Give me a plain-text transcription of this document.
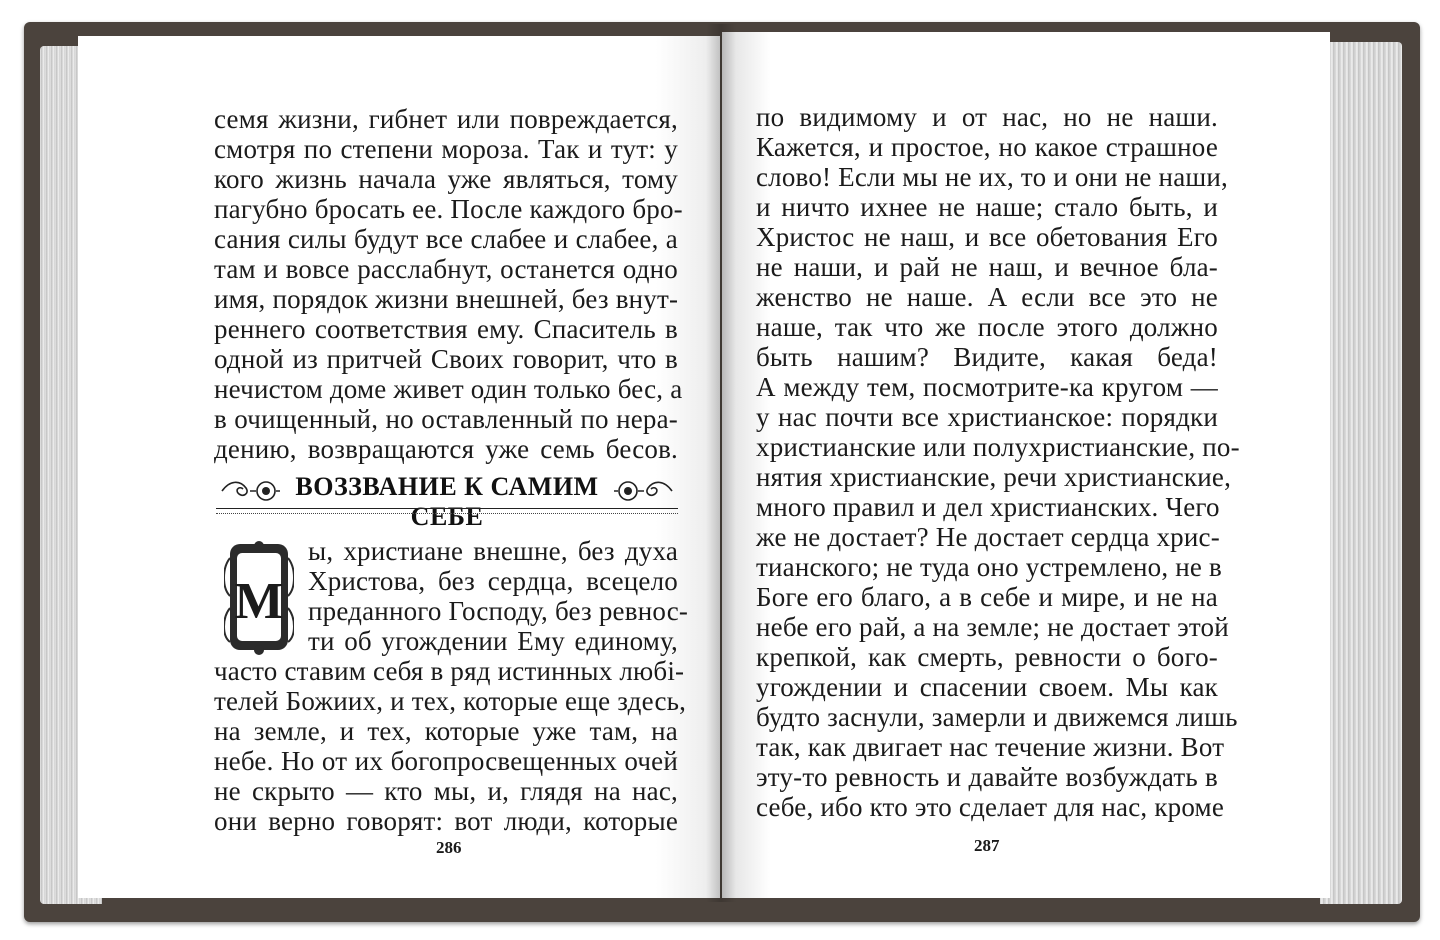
семя жизни, гибнет или повреждается,
смотря по степени мороза. Так и тут: у
кого жизнь начала уже являться, тому
пагубно бросать ее. После каждого бро-
сания силы будут все слабее и слабее, а
там и вовсе расслабнут, останется одно
имя, порядок жизни внешней, без внут-
реннего соответствия ему. Спаситель в
одной из притчей Своих говорит, что в
нечистом доме живет один только бес, а
в очищенный, но оставленный по нера-
дению, возвращаются уже семь бесов.
ВОЗЗВАНИЕ К САМИМ СЕБЕ
М
ы, христиане внешне, без духа
Христова, без сердца, всецело
преданного Господу, без ревнос-
ти об угождении Ему единому,
часто ставим себя в ряд истинных любi-
телей Божиих, и тех, которые еще здесь,
на земле, и тех, которые уже там, на
небе. Но от их богопросвещенных очей
не скрыто — кто мы, и, глядя на нас,
они верно говорят: вот люди, которые
286
по видимому и от нас, но не наши.
Кажется, и простое, но какое страшное
слово! Если мы не их, то и они не наши,
и ничто ихнее не наше; стало быть, и
Христос не наш, и все обетования Его
не наши, и рай не наш, и вечное бла-
женство не наше. А если все это не
наше, так что же после этого должно
быть нашим? Видите, какая беда!
А между тем, посмотрите-ка кругом —
у нас почти все христианское: порядки
христианские или полухристианские, по-
нятия христианские, речи христианские,
много правил и дел христианских. Чего
же не достает? Не достает сердца хрис-
тианского; не туда оно устремлено, не в
Боге его благо, а в себе и мире, и не на
небе его рай, а на земле; не достает этой
крепкой, как смерть, ревности о бого-
угождении и спасении своем. Мы как
будто заснули, замерли и движемся лишь
так, как двигает нас течение жизни. Вот
эту-то ревность и давайте возбуждать в
себе, ибо кто это сделает для нас, кроме
287
